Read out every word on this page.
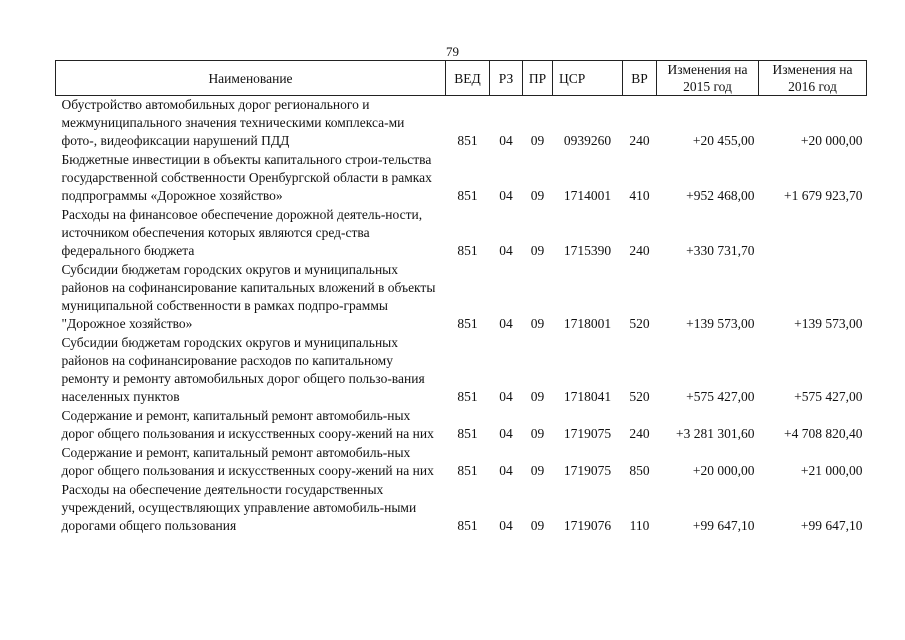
79
Наименование	ВЕД	РЗ	ПР	ЦСР	ВР	Изменения на 2015 год	Изменения на 2016 год
Обустройство автомобильных дорог регионального и межмуниципального значения техническими комплекса-ми фото-, видеофиксации нарушений ПДД	851	04	09	0939260	240	+20 455,00	+20 000,00
Бюджетные инвестиции в объекты капитального строи-тельства государственной собственности Оренбургской области в рамках подпрограммы «Дорожное хозяйство»	851	04	09	1714001	410	+952 468,00	+1 679 923,70
Расходы на финансовое обеспечение дорожной деятель-ности, источником обеспечения которых являются сред-ства федерального бюджета	851	04	09	1715390	240	+330 731,70	
Субсидии бюджетам городских округов и муниципальных районов на софинансирование капитальных вложений в объекты муниципальной собственности в рамках подпро-граммы "Дорожное хозяйство»	851	04	09	1718001	520	+139 573,00	+139 573,00
Субсидии бюджетам городских округов и муниципальных районов на софинансирование расходов по капитальному ремонту и ремонту автомобильных дорог общего пользо-вания населенных пунктов	851	04	09	1718041	520	+575 427,00	+575 427,00
Содержание и ремонт, капитальный ремонт автомобиль-ных дорог общего пользования и искусственных соору-жений на них	851	04	09	1719075	240	+3 281 301,60	+4 708 820,40
Содержание и ремонт, капитальный ремонт автомобиль-ных дорог общего пользования и искусственных соору-жений на них	851	04	09	1719075	850	+20 000,00	+21 000,00
Расходы на обеспечение деятельности государственных учреждений, осуществляющих управление автомобиль-ными дорогами общего пользования	851	04	09	1719076	110	+99 647,10	+99 647,10
